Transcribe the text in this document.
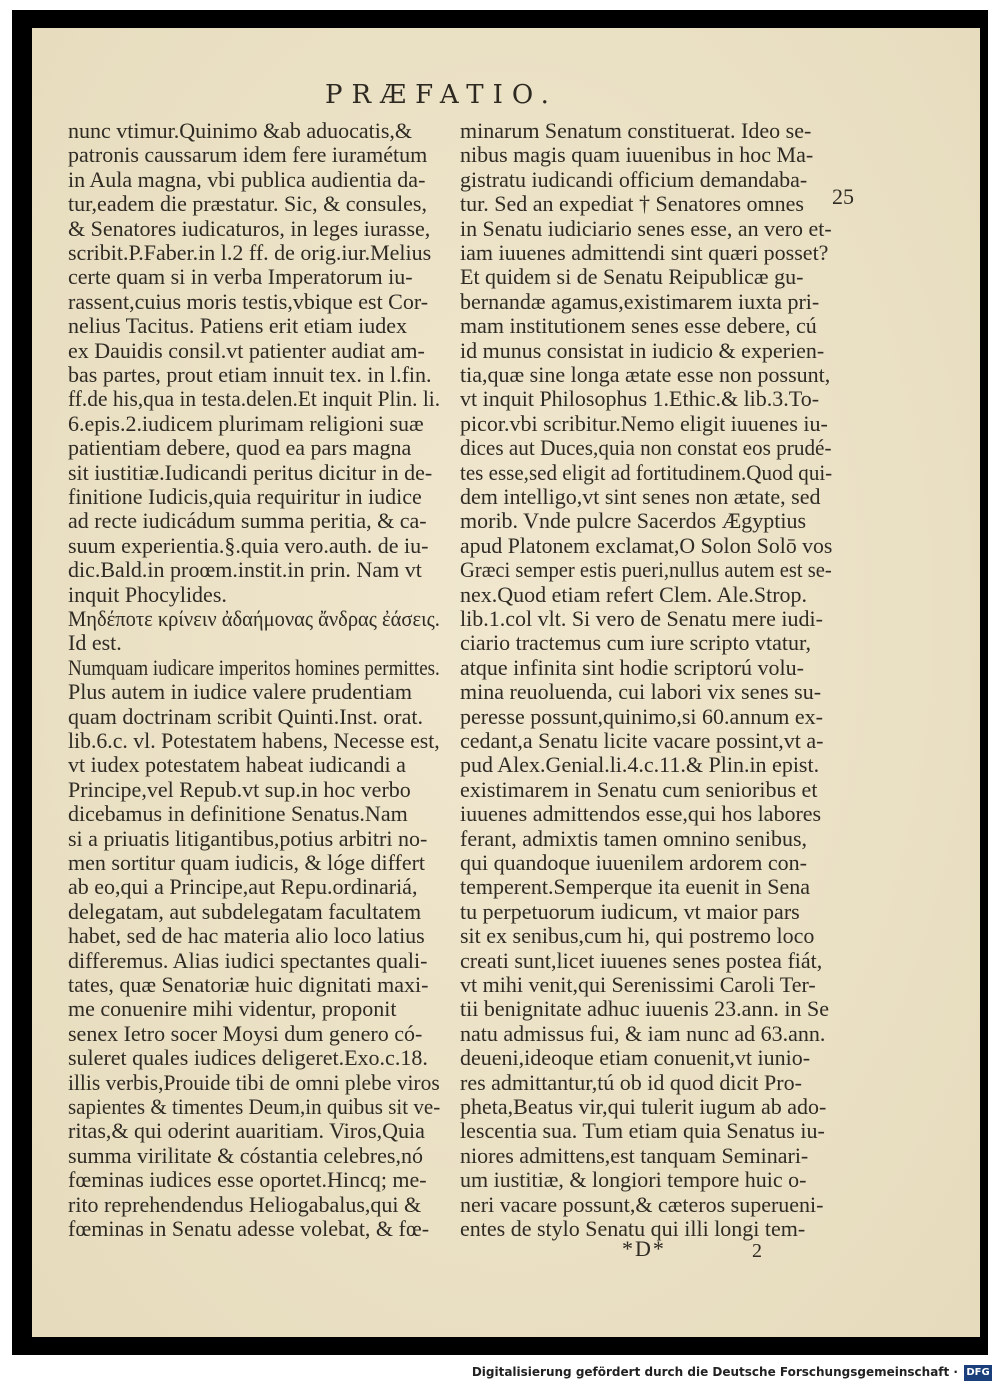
PRÆFATIO.
nunc vtimur.Quinimo &ab aduocatis,&
patronis caussarum idem fere iuramétum
in Aula magna, vbi publica audientia da-
tur,eadem die præstatur. Sic, & consules,
& Senatores iudicaturos, in leges iurasse,
scribit.P.Faber.in l.2 ff. de orig.iur.Melius
certe quam si in verba Imperatorum iu-
rassent,cuius moris testis,vbique est Cor-
nelius Tacitus. Patiens erit etiam iudex
ex Dauidis consil.vt patienter audiat am-
bas partes, prout etiam innuit tex. in l.fin.
ff.de his,qua in testa.delen.Et inquit Plin. li.
6.epis.2.iudicem plurimam religioni suæ
patientiam debere, quod ea pars magna
sit iustitiæ.Iudicandi peritus dicitur in de-
finitione Iudicis,quia requiritur in iudice
ad recte iudicádum summa peritia, & ca-
suum experientia.§.quia vero.auth. de iu-
dic.Bald.in proœm.instit.in prin. Nam vt
inquit Phocylides.
Μηδέποτε κρίνειν ἀδαήμονας ἄνδρας ἐάσεις.
Id est.
Numquam iudicare imperitos homines permittes.
Plus autem in iudice valere prudentiam
quam doctrinam scribit Quinti.Inst. orat.
lib.6.c. vl. Potestatem habens, Necesse est,
vt iudex potestatem habeat iudicandi a
Principe,vel Repub.vt sup.in hoc verbo
dicebamus in definitione Senatus.Nam
si a priuatis litigantibus,potius arbitri no-
men sortitur quam iudicis, & lóge differt
ab eo,qui a Principe,aut Repu.ordinariá,
delegatam, aut subdelegatam facultatem
habet, sed de hac materia alio loco latius
differemus. Alias iudici spectantes quali-
tates, quæ Senatoriæ huic dignitati maxi-
me conuenire mihi videntur, proponit
senex Ietro socer Moysi dum genero có-
suleret quales iudices deligeret.Exo.c.18.
illis verbis,Prouide tibi de omni plebe viros
sapientes & timentes Deum,in quibus sit ve-
ritas,& qui oderint auaritiam. Viros,Quia
summa virilitate & cóstantia celebres,nó
fœminas iudices esse oportet.Hincq; me-
rito reprehendendus Heliogabalus,qui &
fœminas in Senatu adesse volebat, & fœ-
minarum Senatum constituerat. Ideo se-
nibus magis quam iuuenibus in hoc Ma-
gistratu iudicandi officium demandaba-
tur. Sed an expediat † Senatores omnes
in Senatu iudiciario senes esse, an vero et-
iam iuuenes admittendi sint quæri posset?
Et quidem si de Senatu Reipublicæ gu-
bernandæ agamus,existimarem iuxta pri-
mam institutionem senes esse debere, cú
id munus consistat in iudicio & experien-
tia,quæ sine longa ætate esse non possunt,
vt inquit Philosophus 1.Ethic.& lib.3.To-
picor.vbi scribitur.Nemo eligit iuuenes iu-
dices aut Duces,quia non constat eos prudé-
tes esse,sed eligit ad fortitudinem.Quod qui-
dem intelligo,vt sint senes non ætate, sed
morib. Vnde pulcre Sacerdos Ægyptius
apud Platonem exclamat,O Solon Solō vos
Græci semper estis pueri,nullus autem est se-
nex.Quod etiam refert Clem. Ale.Strop.
lib.1.col vlt. Si vero de Senatu mere iudi-
ciario tractemus cum iure scripto vtatur,
atque infinita sint hodie scriptorú volu-
mina reuoluenda, cui labori vix senes su-
peresse possunt,quinimo,si 60.annum ex-
cedant,a Senatu licite vacare possint,vt a-
pud Alex.Genial.li.4.c.11.& Plin.in epist.
existimarem in Senatu cum senioribus et
iuuenes admittendos esse,qui hos labores
ferant, admixtis tamen omnino senibus,
qui quandoque iuuenilem ardorem con-
temperent.Semperque ita euenit in Sena
tu perpetuorum iudicum, vt maior pars
sit ex senibus,cum hi, qui postremo loco
creati sunt,licet iuuenes senes postea fiát,
vt mihi venit,qui Serenissimi Caroli Ter-
tii benignitate adhuc iuuenis 23.ann. in Se
natu admissus fui, & iam nunc ad 63.ann.
deueni,ideoque etiam conuenit,vt iunio-
res admittantur,tú ob id quod dicit Pro-
pheta,Beatus vir,qui tulerit iugum ab ado-
lescentia sua. Tum etiam quia Senatus iu-
niores admittens,est tanquam Seminari-
um iustitiæ, & longiori tempore huic o-
neri vacare possunt,& cæteros superueni-
entes de stylo Senatu qui illi longi tem-
25
*D*	2
Digitalisierung gefördert durch die Deutsche Forschungsgemeinschaft · DFG
